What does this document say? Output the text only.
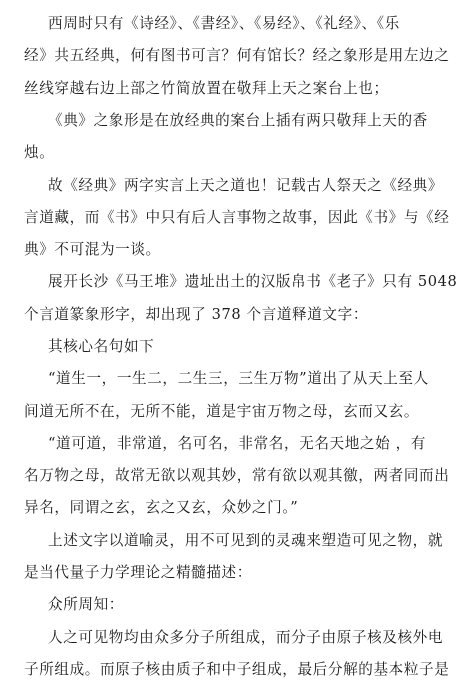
西周时只有《诗经》、《書经》、《易经》、《礼经》、《乐
经》共五经典，何有图书可言？何有馆长？经之象形是用左边之
丝线穿越右边上部之竹简放置在敬拜上天之案台上也；
《典》之象形是在放经典的案台上插有两只敬拜上天的香
烛。
故《经典》两字实言上天之道也！记载古人祭天之《经典》
言道藏，而《书》中只有后人言事物之故事，因此《书》与《经
典》不可混为一谈。
展开长沙《马王堆》遗址出土的汉版帛书《老子》只有 5048
个言道篆象形字，却出现了 378 个言道释道文字：
其核心名句如下
“道生一，一生二，二生三，三生万物”道出了从天上至人
间道无所不在，无所不能，道是宇宙万物之母，玄而又玄。
“道可道，非常道，名可名，非常名，无名天地之始 ，有
名万物之母，故常无欲以观其妙，常有欲以观其徼，两者同而出
异名，同谓之玄，玄之又玄，众妙之门。”
上述文字以道喻灵，用不可见到的灵魂来塑造可见之物，就
是当代量子力学理论之精髓描述：
众所周知：
人之可见物均由众多分子所组成，而分子由原子核及核外电
子所组成。而原子核由质子和中子组成，最后分解的基本粒子是
